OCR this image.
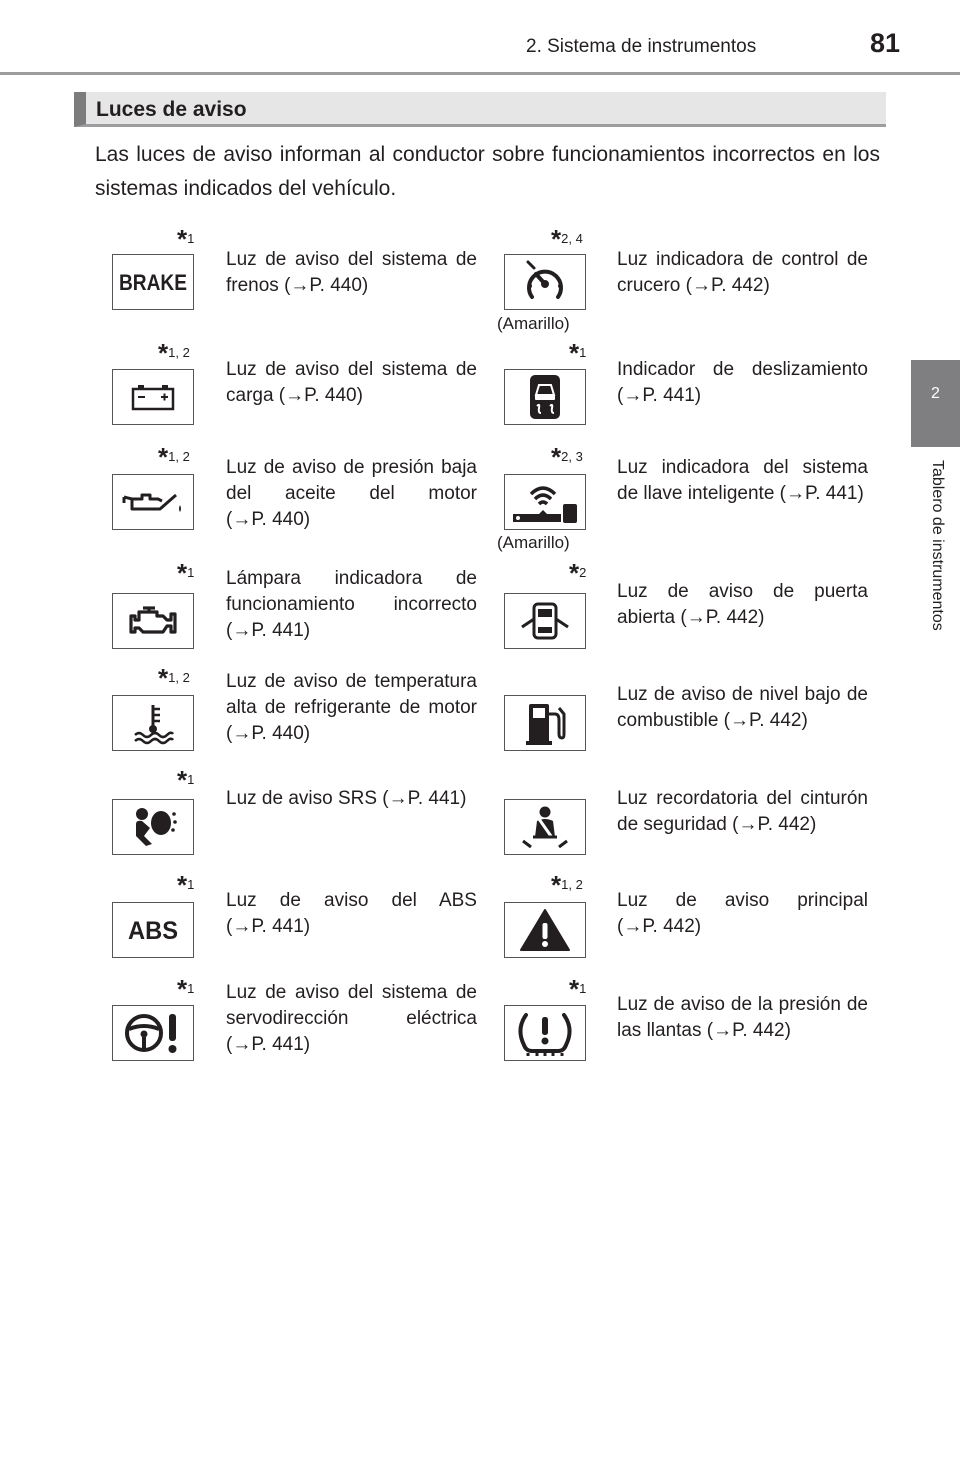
2. Sistema de instrumentos	81
2
Tablero de instrumentos
Luces de aviso
Las luces de aviso informan al conductor sobre funcionamientos incorrectos en los sistemas indicados del vehículo.
*$^1$
BRAKE
Luz de aviso del sistema de frenos (→P. 440)
*$^{2, 4}$
(Amarillo)
Luz indicadora de control de crucero (→P. 442)
*$^{1, 2}$
Luz de aviso del sistema de carga (→P. 440)
*$^1$
Indicador de deslizamiento (→P. 441)
*$^{1, 2}$
Luz de aviso de presión baja del aceite del motor (→P. 440)
*$^{2, 3}$
(Amarillo)
Luz indicadora del sistema de llave inteligente (→P. 441)
*$^1$ Lámpara indicadora de funcionamiento incorrecto (→P. 441)
*$^2$
Luz de aviso de puerta abierta (→P. 442)
*$^{1, 2}$ Luz de aviso de temperatura alta de refrigerante de motor (→P. 440)
Luz de aviso de nivel bajo de combustible (→P. 442)
*$^1$
Luz de aviso SRS (→P. 441)	Luz recordatoria del cinturón de seguridad (→P. 442)
*$^1$
ABS
Luz de aviso del ABS (→P. 441)
*$^{1, 2}$
Luz de aviso principal (→P. 442)
*$^1$ Luz de aviso del sistema de servodirección eléctrica (→P. 441)
*$^1$
Luz de aviso de la presión de las llantas (→P. 442)
